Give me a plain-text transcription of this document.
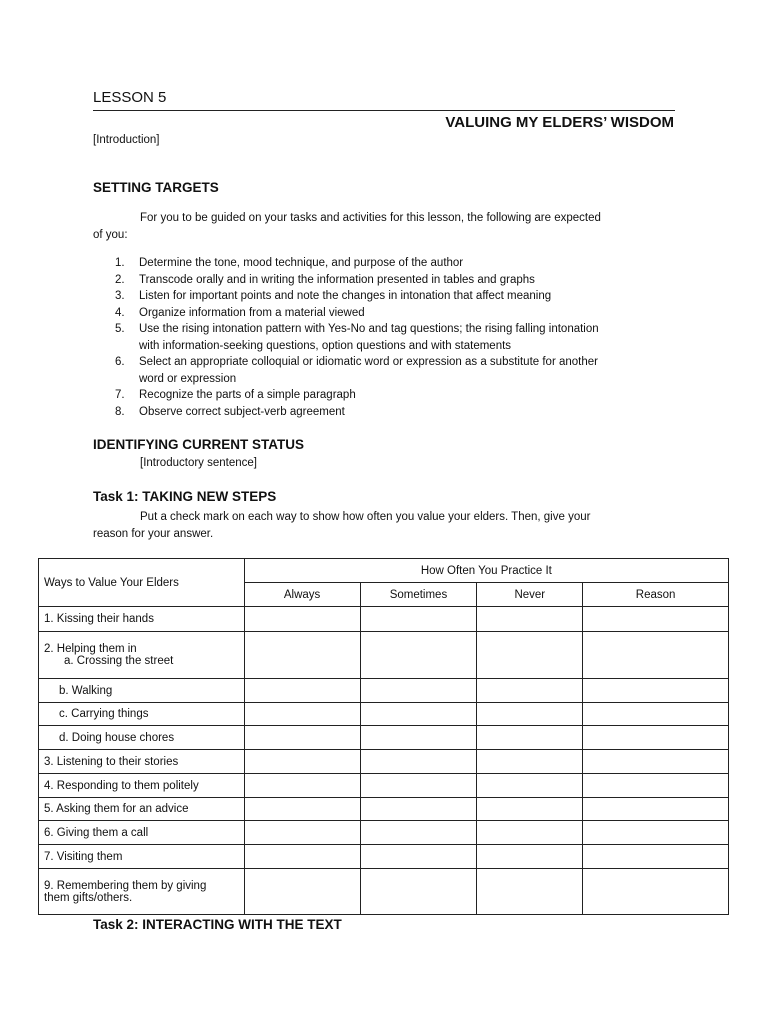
LESSON 5
VALUING MY ELDERS’ WISDOM
[Introduction]
SETTING TARGETS
For you to be guided on your tasks and activities for this lesson, the following are expected
of you:
1. Determine the tone, mood technique, and purpose of the author
2. Transcode orally and in writing the information presented in tables and graphs
3. Listen for important points and note the changes in intonation that affect meaning
4. Organize information from a material viewed
5. Use the rising intonation pattern with Yes-No and tag questions; the rising falling intonation
with information-seeking questions, option questions and with statements
6. Select an appropriate colloquial or idiomatic word or expression as a substitute for another
word or expression
7. Recognize the parts of a simple paragraph
8. Observe correct subject-verb agreement
IDENTIFYING CURRENT STATUS
[Introductory sentence]
Task 1: TAKING NEW STEPS
Put a check mark on each way to show how often you value your elders. Then, give your
reason for your answer.
Ways to Value Your Elders	How Often You Practice It			
	Always	Sometimes	Never	Reason
1. Kissing their hands				

2. Helping them in
a. Crossing the street				

b. Walking				
c. Carrying things				
d. Doing house chores				
3. Listening to their stories				
4. Responding to them politely				
5. Asking them for an advice				
6. Giving them a call				
7. Visiting them				

9. Remembering them by giving
them gifts/others.				

Task 2: INTERACTING WITH THE TEXT
